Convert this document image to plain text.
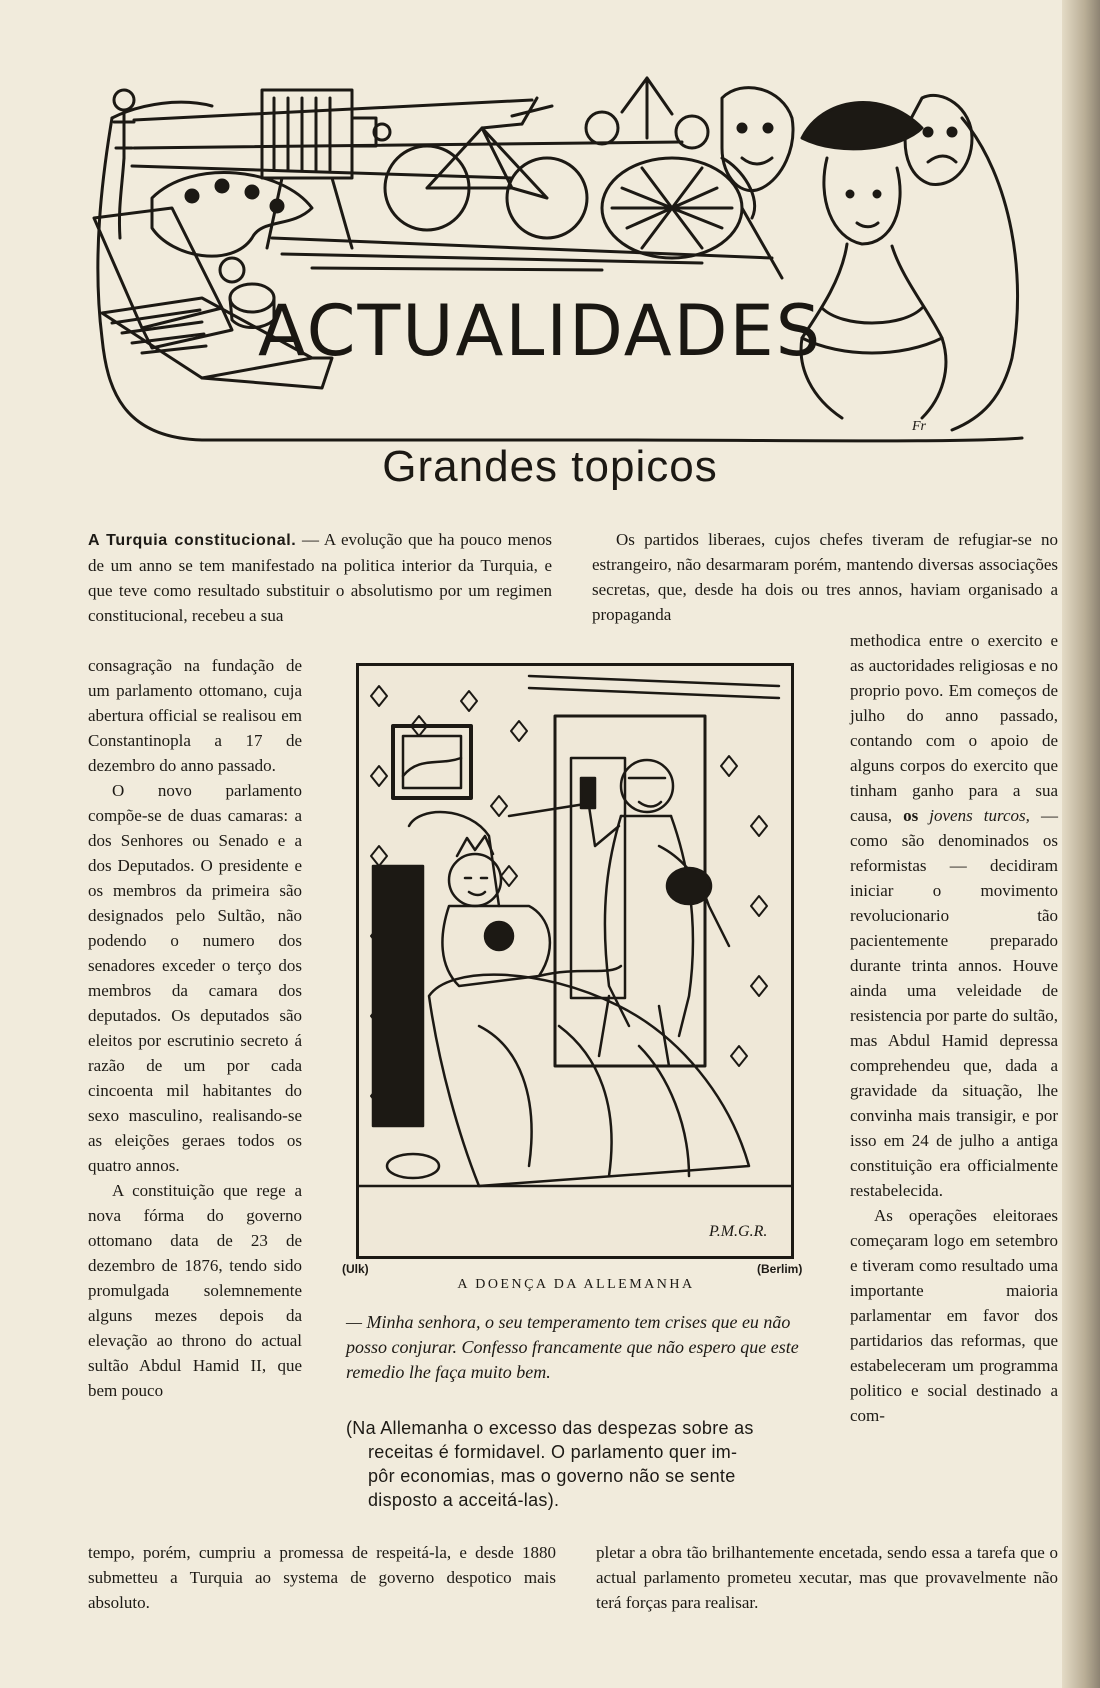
Fr
ACTUALIDADES
Grandes topicos

A Turquia constitucional. — A evolução que ha pouco menos de um anno se tem manifestado na politica interior da Turquia, e que teve como resultado substituir o absolutismo por um regimen constitucional, recebeu a sua

consagração na fundação de um parlamento ottomano, cuja abertura official se realisou em Constantinopla a 17 de dezembro do anno passado.

O novo parlamento compõe-se de duas camaras: a dos Senhores ou Senado e a dos Deputados. O presidente e os membros da primeira são designados pelo Sultão, não podendo o numero dos senadores exceder o terço dos membros da camara dos deputados. Os deputados são eleitos por escrutinio secreto á razão de um por cada cincoenta mil habitantes do sexo masculino, realisando-se as eleições geraes todos os quatro annos.

A constituição que rege a nova fórma do governo ottomano data de 23 de dezembro de 1876, tendo sido promulgada solemnemente alguns mezes depois da elevação ao throno do actual sultão Abdul Hamid II, que bem pouco

tempo, porém, cumpriu a promessa de respeitá-la, e desde 1880 submetteu a Turquia ao systema de governo despotico mais absoluto.

Os partidos liberaes, cujos chefes tiveram de refugiar-se no estrangeiro, não desarmaram porém, mantendo diversas associações secretas, que, desde ha dois ou tres annos, haviam organisado a propaganda

methodica entre o exercito e as auctoridades religiosas e no proprio povo. Em começos de julho do anno passado, contando com o apoio de alguns corpos do exercito que tinham ganho para a sua causa, os jovens turcos, — como são denominados os reformistas — decidiram iniciar o movimento revolucionario tão pacientemente preparado durante trinta annos. Houve ainda uma veleidade de resistencia por parte do sultão, mas Abdul Hamid depressa comprehendeu que, dada a gravidade da situação, lhe convinha mais transigir, e por isso em 24 de julho a antiga constituição era officialmente restabelecida.

As operações eleitoraes começaram logo em setembro e tiveram como resultado uma importante maioria parlamentar em favor dos partidarios das reformas, que estabeleceram um programma politico e social destinado a com-

pletar a obra tão brilhantemente encetada, sendo essa a tarefa que o actual parlamento prometeu xecutar, mas que provavelmente não terá forças para realisar.

P.M.G.R.
(Ulk)	(Berlim)
A DOENÇA DA ALLEMANHA

— Minha senhora, o seu temperamento tem crises que eu não posso conjurar. Confesso francamente que não espero que este remedio lhe faça muito bem.

(Na Allemanha o excesso das despezas sobre as
receitas é formidavel. O parlamento quer im-
pôr economias, mas o governo não se sente
disposto a acceitá-las).
